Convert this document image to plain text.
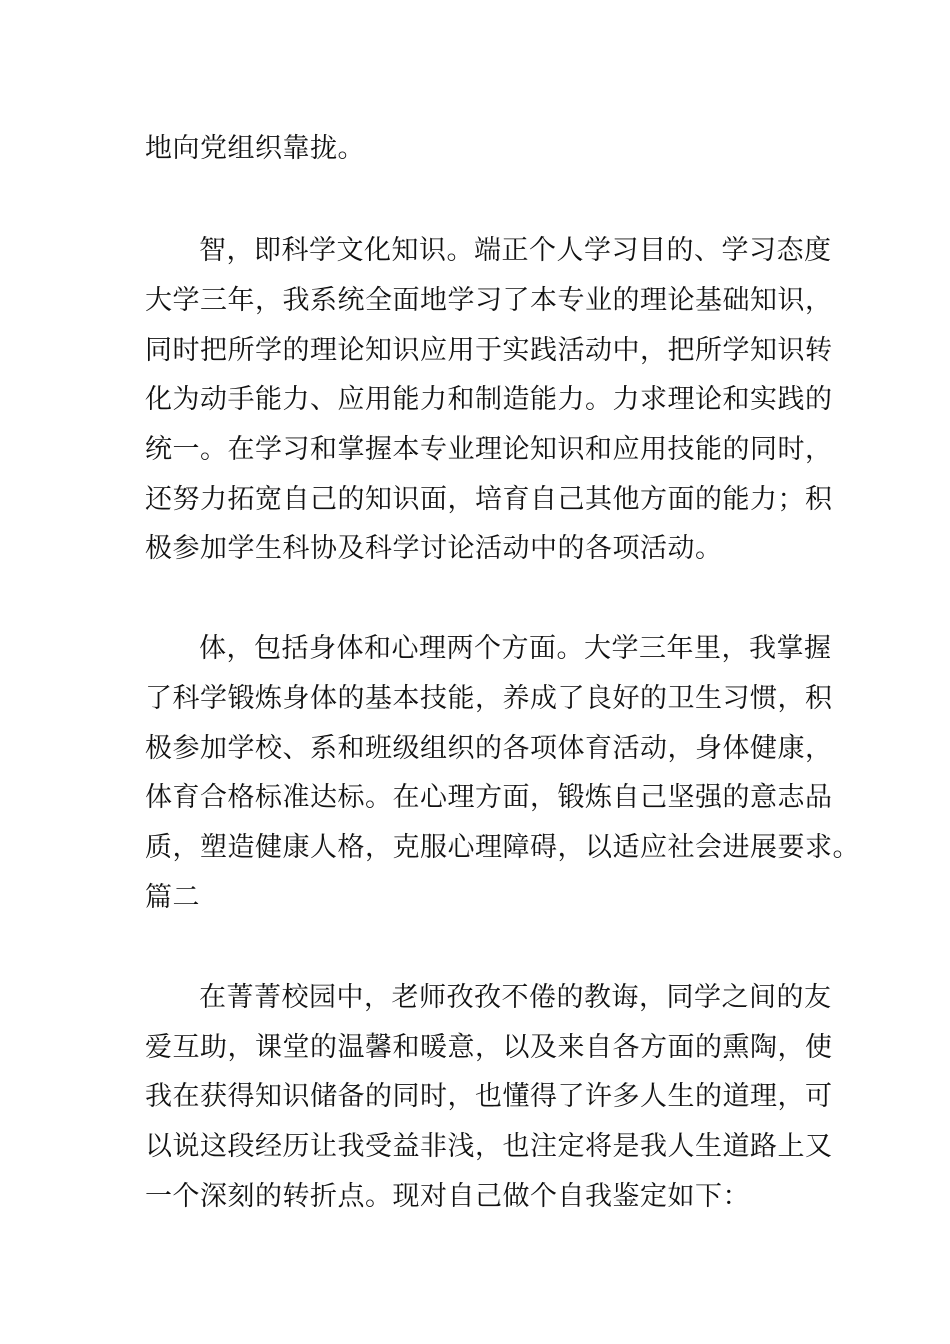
地向党组织靠拢。
智，即科学文化知识。端正个人学习目的、学习态度
大学三年，我系统全面地学习了本专业的理论基础知识，
同时把所学的理论知识应用于实践活动中，把所学知识转
化为动手能力、应用能力和制造能力。力求理论和实践的
统一。在学习和掌握本专业理论知识和应用技能的同时，
还努力拓宽自己的知识面，培育自己其他方面的能力；积
极参加学生科协及科学讨论活动中的各项活动。
体，包括身体和心理两个方面。大学三年里，我掌握
了科学锻炼身体的基本技能，养成了良好的卫生习惯，积
极参加学校、系和班级组织的各项体育活动，身体健康，
体育合格标准达标。在心理方面，锻炼自己坚强的意志品
质，塑造健康人格，克服心理障碍，以适应社会进展要求。
篇二
在菁菁校园中，老师孜孜不倦的教诲，同学之间的友
爱互助，课堂的温馨和暖意，以及来自各方面的熏陶，使
我在获得知识储备的同时，也懂得了许多人生的道理，可
以说这段经历让我受益非浅，也注定将是我人生道路上又
一个深刻的转折点。现对自己做个自我鉴定如下：
